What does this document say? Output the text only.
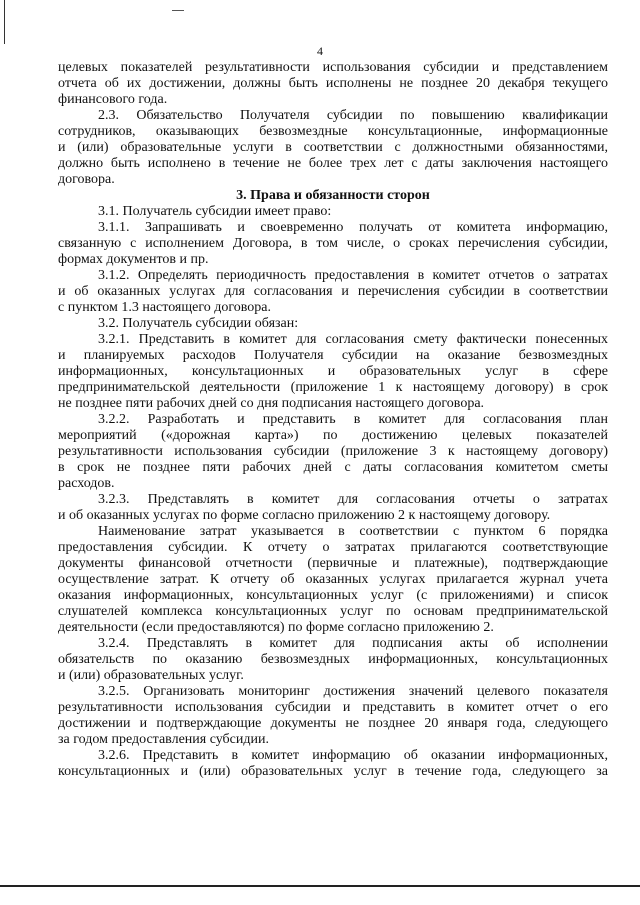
4

целевых показателей результативности использования субсидии и представлением

отчета об их достижении, должны быть исполнены не позднее 20 декабря текущего

финансового года.

2.3. Обязательство Получателя субсидии по повышению квалификации

сотрудников, оказывающих безвозмездные консультационные, информационные

и (или) образовательные услуги в соответствии с должностными обязанностями,

должно быть исполнено в течение не более трех лет с даты заключения настоящего

договора.

3. Права и обязанности сторон

3.1. Получатель субсидии имеет право:

3.1.1. Запрашивать и своевременно получать от комитета информацию,

связанную с исполнением Договора, в том числе, о сроках перечисления субсидии,

формах документов и пр.

3.1.2. Определять периодичность предоставления в комитет отчетов о затратах

и об оказанных услугах для согласования и перечисления субсидии в соответствии

с пунктом 1.3 настоящего договора.

3.2. Получатель субсидии обязан:

3.2.1. Представить в комитет для согласования смету фактически понесенных

и планируемых расходов Получателя субсидии на оказание безвозмездных

информационных, консультационных и образовательных услуг в сфере

предпринимательской деятельности (приложение 1 к настоящему договору) в срок

не позднее пяти рабочих дней со дня подписания настоящего договора.

3.2.2. Разработать и представить в комитет для согласования план

мероприятий («дорожная карта») по достижению целевых показателей

результативности использования субсидии (приложение 3 к настоящему договору)

в срок не позднее пяти рабочих дней с даты согласования комитетом сметы

расходов.

3.2.3. Представлять в комитет для согласования отчеты о затратах

и об оказанных услугах по форме согласно приложению 2 к настоящему договору.

Наименование затрат указывается в соответствии с пунктом 6 порядка

предоставления субсидии. К отчету о затратах прилагаются соответствующие

документы финансовой отчетности (первичные и платежные), подтверждающие

осуществление затрат. К отчету об оказанных услугах прилагается журнал учета

оказания информационных, консультационных услуг (с приложениями) и список

слушателей комплекса консультационных услуг по основам предпринимательской

деятельности (если предоставляются) по форме согласно приложению 2.

3.2.4. Представлять в комитет для подписания акты об исполнении

обязательств по оказанию безвозмездных информационных, консультационных

и (или) образовательных услуг.

3.2.5. Организовать мониторинг достижения значений целевого показателя

результативности использования субсидии и представить в комитет отчет о его

достижении и подтверждающие документы не позднее 20 января года, следующего

за годом предоставления субсидии.

3.2.6. Представить в комитет информацию об оказании информационных,

консультационных и (или) образовательных услуг в течение года, следующего за
